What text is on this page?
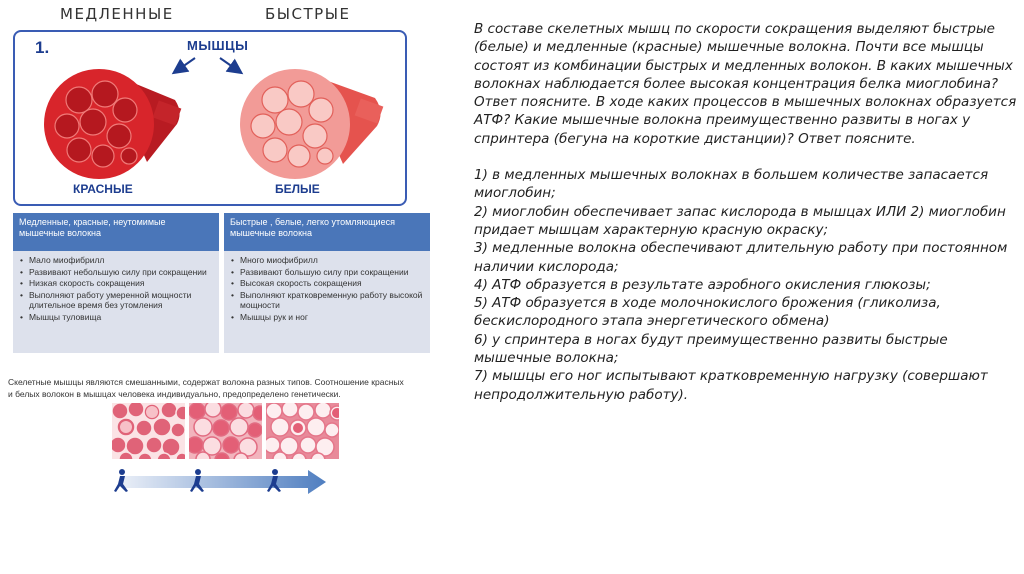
МЕДЛЕННЫЕ	БЫСТРЫЕ
1.	МЫШЦЫ
КРАСНЫЕ	БЕЛЫЕ
Медленные, красные, неутомимые мышечные волокна
• Мало миофибрилл
• Развивают небольшую силу при сокращении
• Низкая скорость сокращения
• Выполняют работу умеренной мощности длительное время без утомления
• Мышцы туловища
Быстрые , белые, легко утомляющиеся мышечные волокна
• Много миофибрилл
• Развивают большую силу при сокращении
• Высокая скорость сокращения
• Выполняют кратковременную работу высокой мощности
• Мышцы рук и ног
Скелетные мышцы являются смешанными, содержат волокна разных типов. Соотношение красных и белых волокон в мышцах человека индивидуально, предопределено генетически.

В составе скелетных мышц по скорости сокращения выделяют быстрые (белые) и медленные (красные) мышечные волокна. Почти все мышцы состоят из комбинации быстрых и медленных волокон. В каких мышечных волокнах наблюдается более высокая концентрация белка миоглобина? Ответ поясните. В ходе каких процессов в мышечных волокнах образуется АТФ? Какие мышечные волокна преимущественно развиты в ногах у спринтера (бегуна на короткие дистанции)? Ответ поясните.

1) в медленных мышечных волокнах в большем количестве запасается миоглобин;

2) миоглобин обеспечивает запас кислорода в мышцах ИЛИ 2) миоглобин придает мышцам характерную красную окраску;

3) медленные волокна обеспечивают длительную работу при постоянном наличии кислорода;

4) АТФ образуется в результате аэробного окисления глюкозы;

5) АТФ образуется в ходе молочнокислого брожения (гликолиза, бескислородного этапа энергетического обмена)

6) у спринтера в ногах будут преимущественно развиты быстрые мышечные волокна;

7) мышцы его ног испытывают кратковременную нагрузку (совершают непродолжительную работу).
